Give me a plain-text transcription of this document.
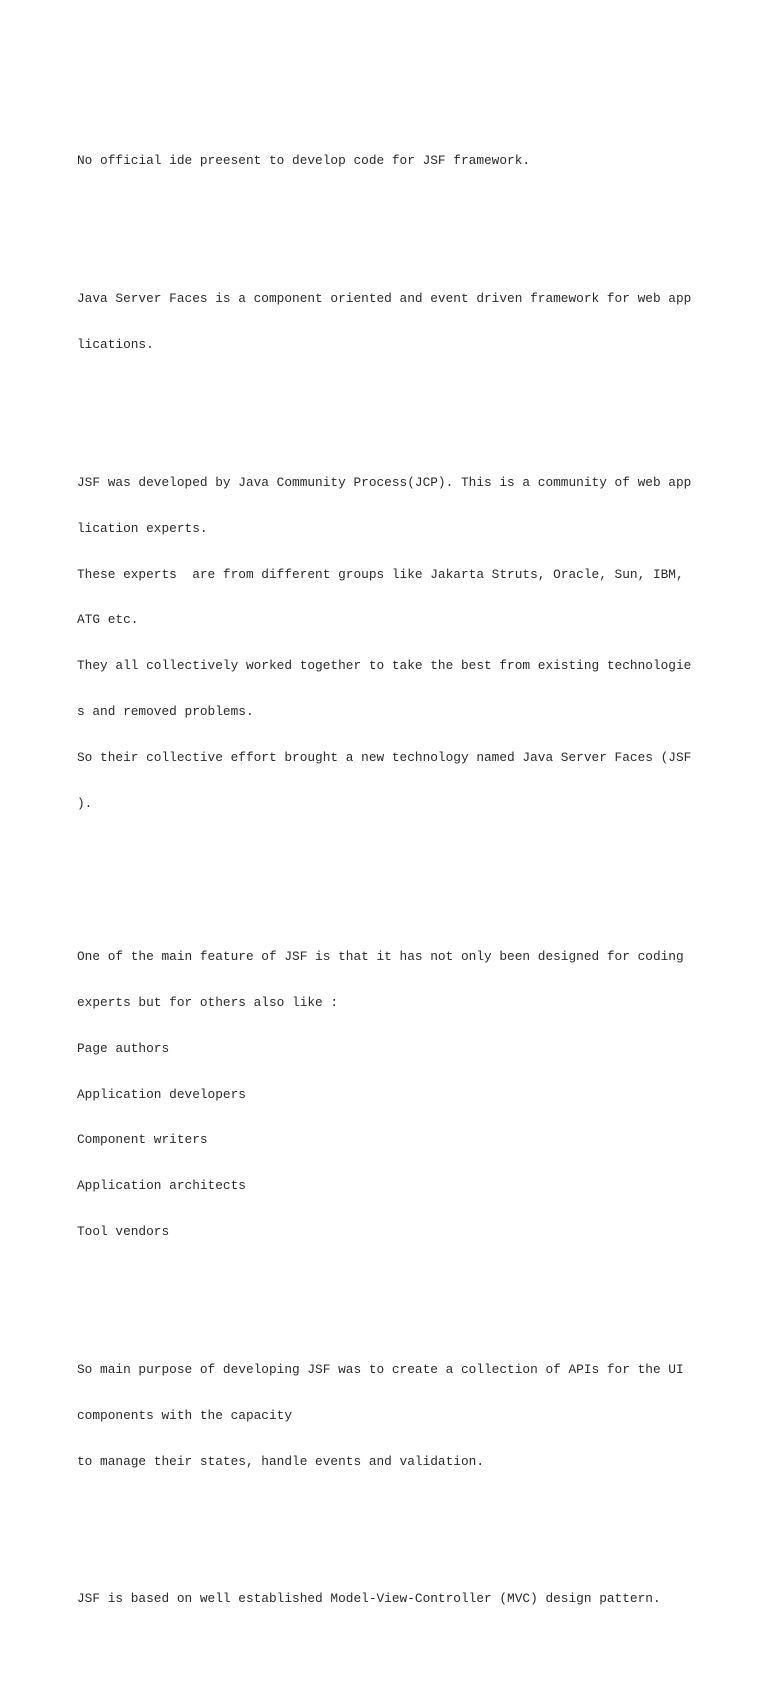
No official ide preesent to develop code for JSF framework.

Java Server Faces is a component oriented and event driven framework for web app

lications.

JSF was developed by Java Community Process(JCP). This is a community of web app

lication experts.

These experts  are from different groups like Jakarta Struts, Oracle, Sun, IBM,

ATG etc.

They all collectively worked together to take the best from existing technologie

s and removed problems.

So their collective effort brought a new technology named Java Server Faces (JSF

).

One of the main feature of JSF is that it has not only been designed for coding

experts but for others also like :

Page authors

Application developers

Component writers

Application architects

Tool vendors

So main purpose of developing JSF was to create a collection of APIs for the UI

components with the capacity

to manage their states, handle events and validation.

JSF is based on well established Model-View-Controller (MVC) design pattern.
